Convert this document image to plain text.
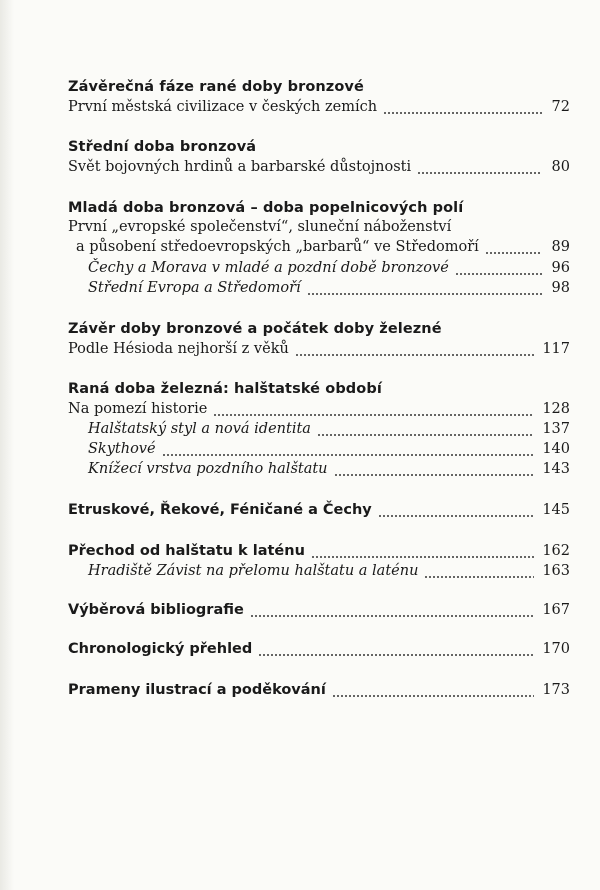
Závěrečná fáze rané doby bronzové
První městská civilizace v českých zemích	72
Střední doba bronzová
Svět bojovných hrdinů a barbarské důstojnosti	80
Mladá doba bronzová – doba popelnicových polí
První „evropské společenství“, sluneční náboženství
a působení středoevropských „barbarů“ ve Středomoří	89
Čechy a Morava v mladé a pozdní době bronzové	96
Střední Evropa a Středomoří	98
Závěr doby bronzové a počátek doby železné
Podle Hésioda nejhorší z věků	117
Raná doba železná: halštatské období
Na pomezí historie	128
Halštatský styl a nová identita	137
Skythové	140
Knížecí vrstva pozdního halštatu	143
Etruskové, Řekové, Féničané a Čechy	145
Přechod od halštatu k laténu	162
Hradiště Závist na přelomu halštatu a laténu	163
Výběrová bibliografie	167
Chronologický přehled	170
Prameny ilustrací a poděkování	173
